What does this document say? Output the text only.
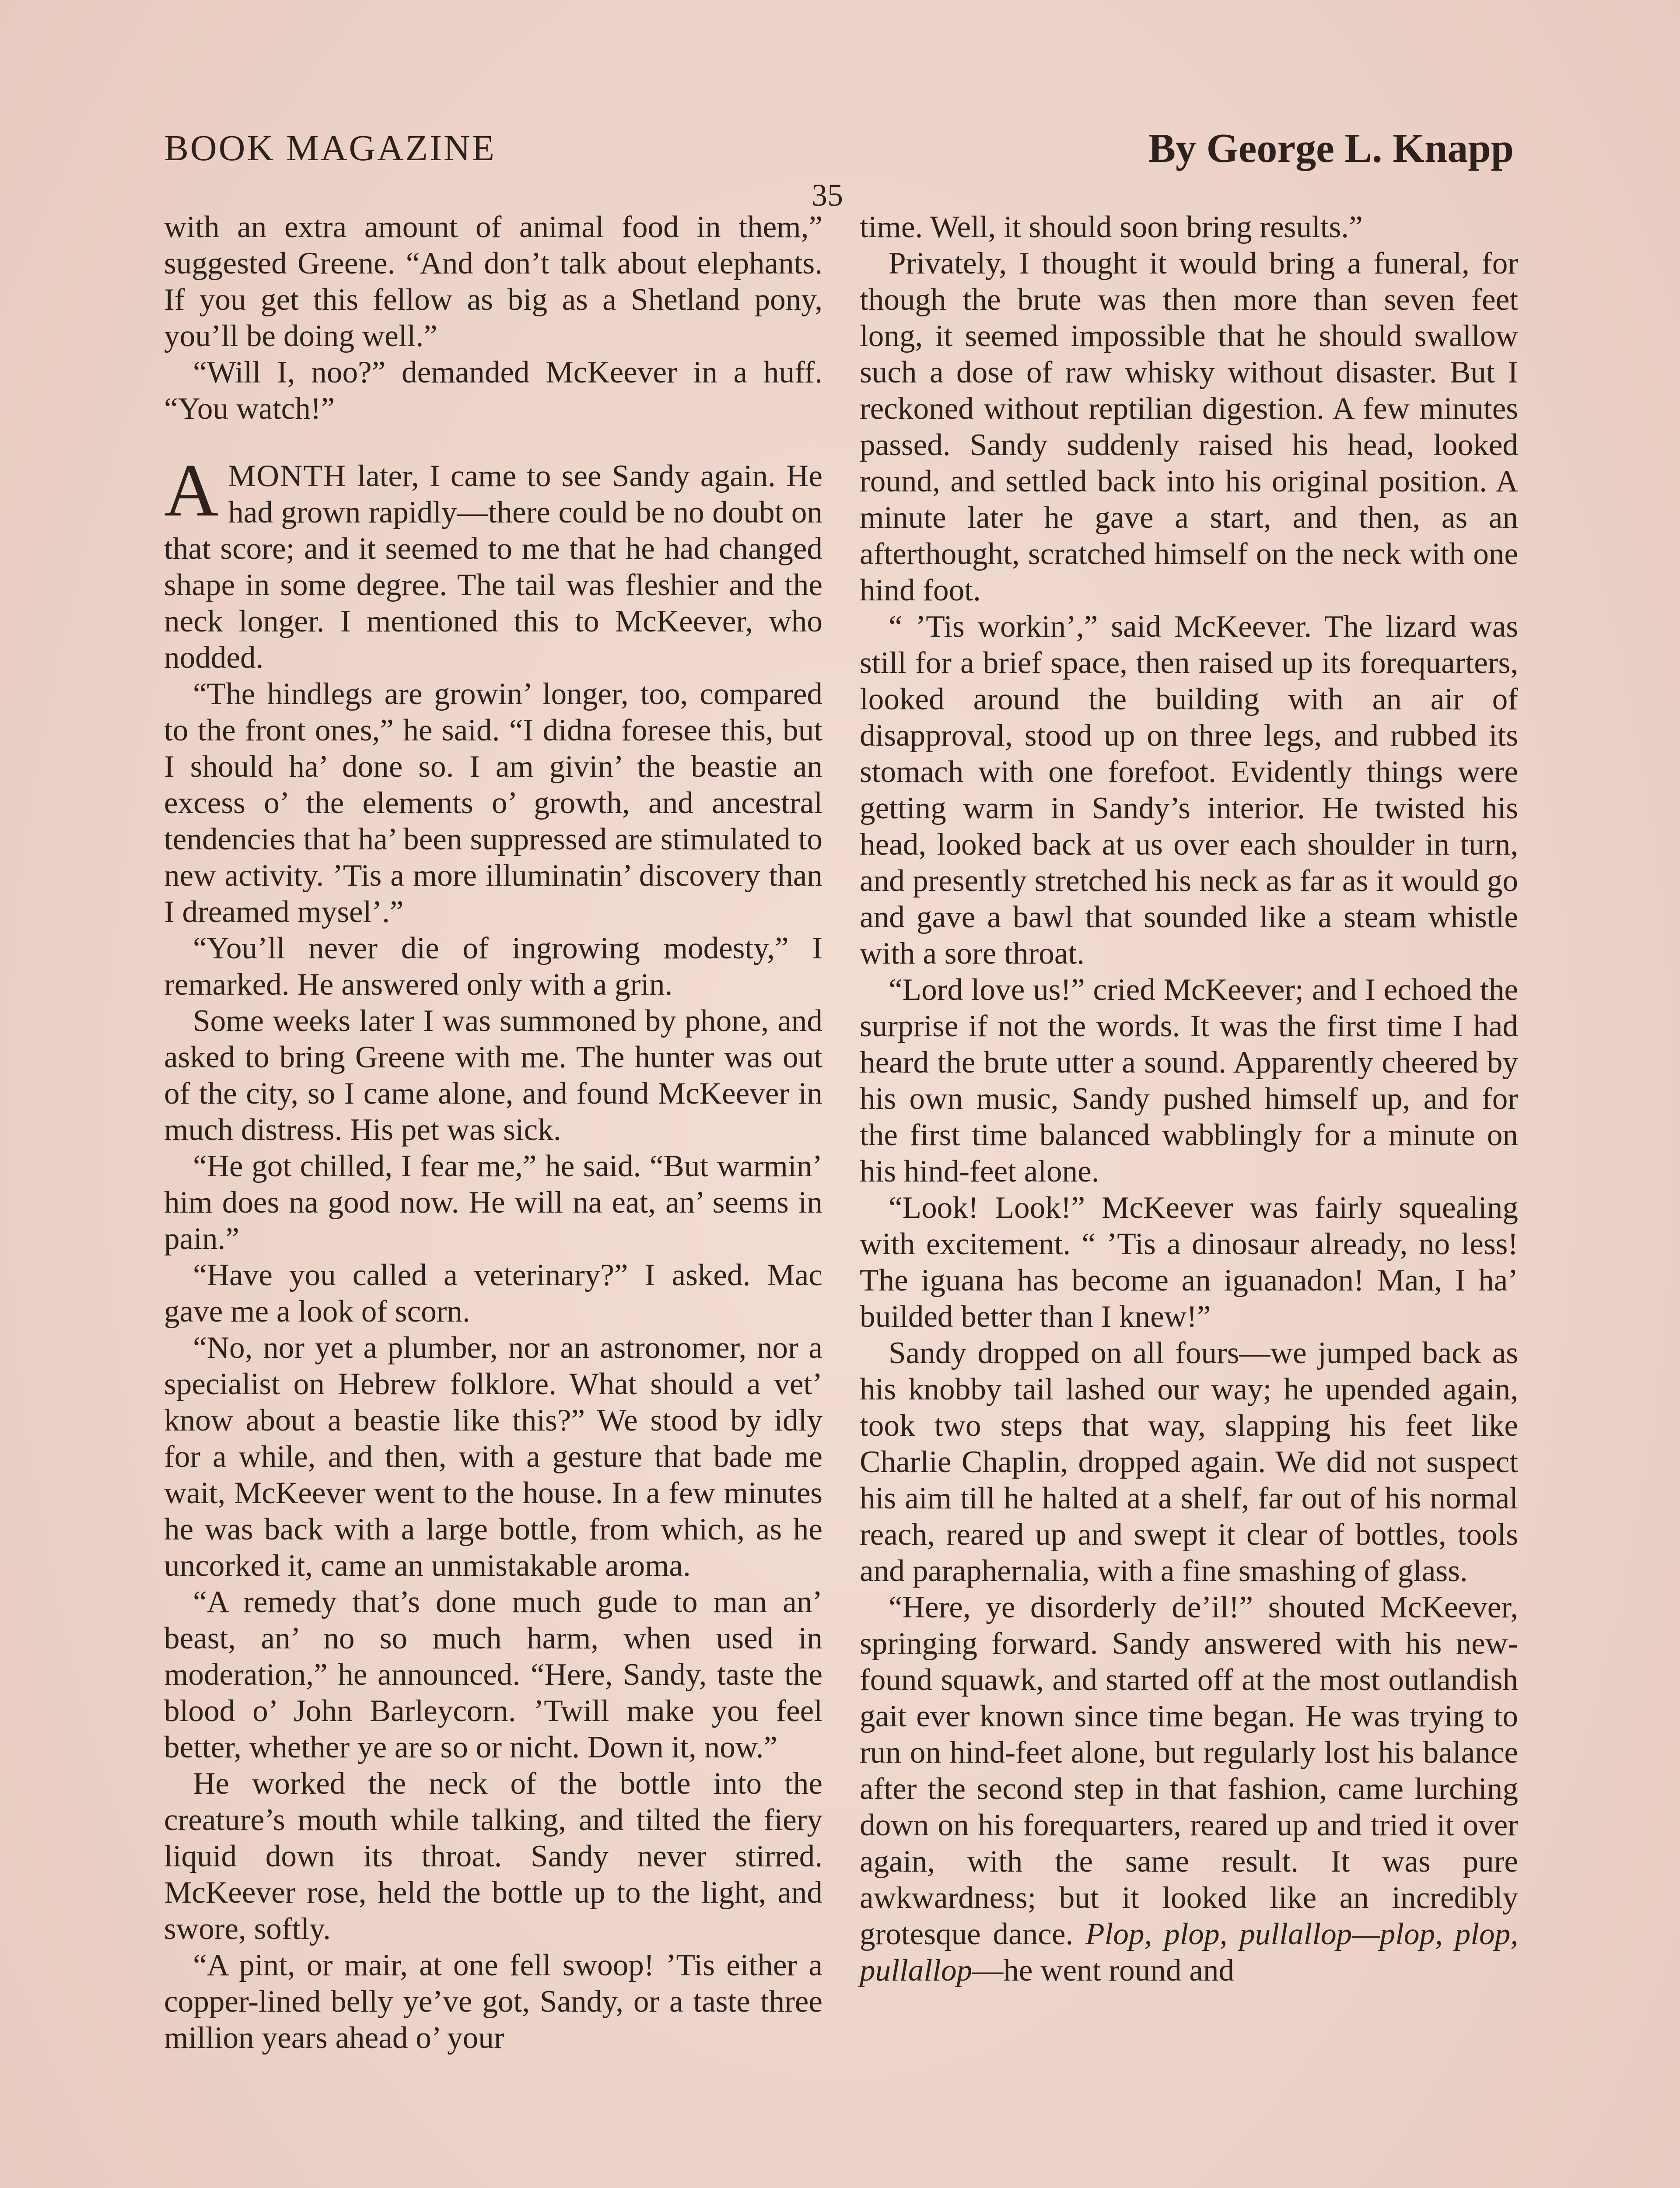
BOOK MAGAZINE	By George L. Knapp
35

with an extra amount of animal food in them,” suggested Greene. “And don’t talk about elephants. If you get this fellow as big as a Shetland pony, you’ll be doing well.”

“Will I, noo?” demanded McKeever in a huff. “You watch!”

AMONTH later, I came to see Sandy again. He had grown rapidly—there could be no doubt on that score; and it seemed to me that he had changed shape in some degree. The tail was fleshier and the neck longer. I mentioned this to McKeever, who nodded.

“The hindlegs are growin’ longer, too, compared to the front ones,” he said. “I didna foresee this, but I should ha’ done so. I am givin’ the beastie an excess o’ the elements o’ growth, and ancestral tendencies that ha’ been suppressed are stimulated to new activity. ’Tis a more illuminatin’ discovery than I dreamed mysel’.”

“You’ll never die of ingrowing modesty,” I remarked. He answered only with a grin.

Some weeks later I was summoned by phone, and asked to bring Greene with me. The hunter was out of the city, so I came alone, and found McKeever in much distress. His pet was sick.

“He got chilled, I fear me,” he said. “But warmin’ him does na good now. He will na eat, an’ seems in pain.”

“Have you called a veterinary?” I asked. Mac gave me a look of scorn.

“No, nor yet a plumber, nor an astronomer, nor a specialist on Hebrew folklore. What should a vet’ know about a beastie like this?” We stood by idly for a while, and then, with a gesture that bade me wait, McKeever went to the house. In a few minutes he was back with a large bottle, from which, as he uncorked it, came an unmistakable aroma.

“A remedy that’s done much gude to man an’ beast, an’ no so much harm, when used in moderation,” he announced. “Here, Sandy, taste the blood o’ John Barleycorn. ’Twill make you feel better, whether ye are so or nicht. Down it, now.”

He worked the neck of the bottle into the creature’s mouth while talking, and tilted the fiery liquid down its throat. Sandy never stirred. McKeever rose, held the bottle up to the light, and swore, softly.

“A pint, or mair, at one fell swoop! ’Tis either a copper-lined belly ye’ve got, Sandy, or a taste three million years ahead o’ your

time. Well, it should soon bring results.”

Privately, I thought it would bring a funeral, for though the brute was then more than seven feet long, it seemed impossible that he should swallow such a dose of raw whisky without disaster. But I reckoned without reptilian digestion. A few minutes passed. Sandy suddenly raised his head, looked round, and settled back into his original position. A minute later he gave a start, and then, as an afterthought, scratched himself on the neck with one hind foot.

“ ’Tis workin’,” said McKeever. The lizard was still for a brief space, then raised up its forequarters, looked around the building with an air of disapproval, stood up on three legs, and rubbed its stomach with one forefoot. Evidently things were getting warm in Sandy’s interior. He twisted his head, looked back at us over each shoulder in turn, and presently stretched his neck as far as it would go and gave a bawl that sounded like a steam whistle with a sore throat.

“Lord love us!” cried McKeever; and I echoed the surprise if not the words. It was the first time I had heard the brute utter a sound. Apparently cheered by his own music, Sandy pushed himself up, and for the first time balanced wabblingly for a minute on his hind-feet alone.

“Look! Look!” McKeever was fairly squealing with excitement. “ ’Tis a dinosaur already, no less! The iguana has become an iguanadon! Man, I ha’ builded better than I knew!”

Sandy dropped on all fours—we jumped back as his knobby tail lashed our way; he upended again, took two steps that way, slapping his feet like Charlie Chaplin, dropped again. We did not suspect his aim till he halted at a shelf, far out of his normal reach, reared up and swept it clear of bottles, tools and paraphernalia, with a fine smashing of glass.

“Here, ye disorderly de’il!” shouted McKeever, springing forward. Sandy answered with his new-found squawk, and started off at the most outlandish gait ever known since time began. He was trying to run on hind-feet alone, but regularly lost his balance after the second step in that fashion, came lurching down on his forequarters, reared up and tried it over again, with the same result. It was pure awkwardness; but it looked like an incredibly grotesque dance. Plop, plop, pullallop—plop, plop, pullallop—he went round and
